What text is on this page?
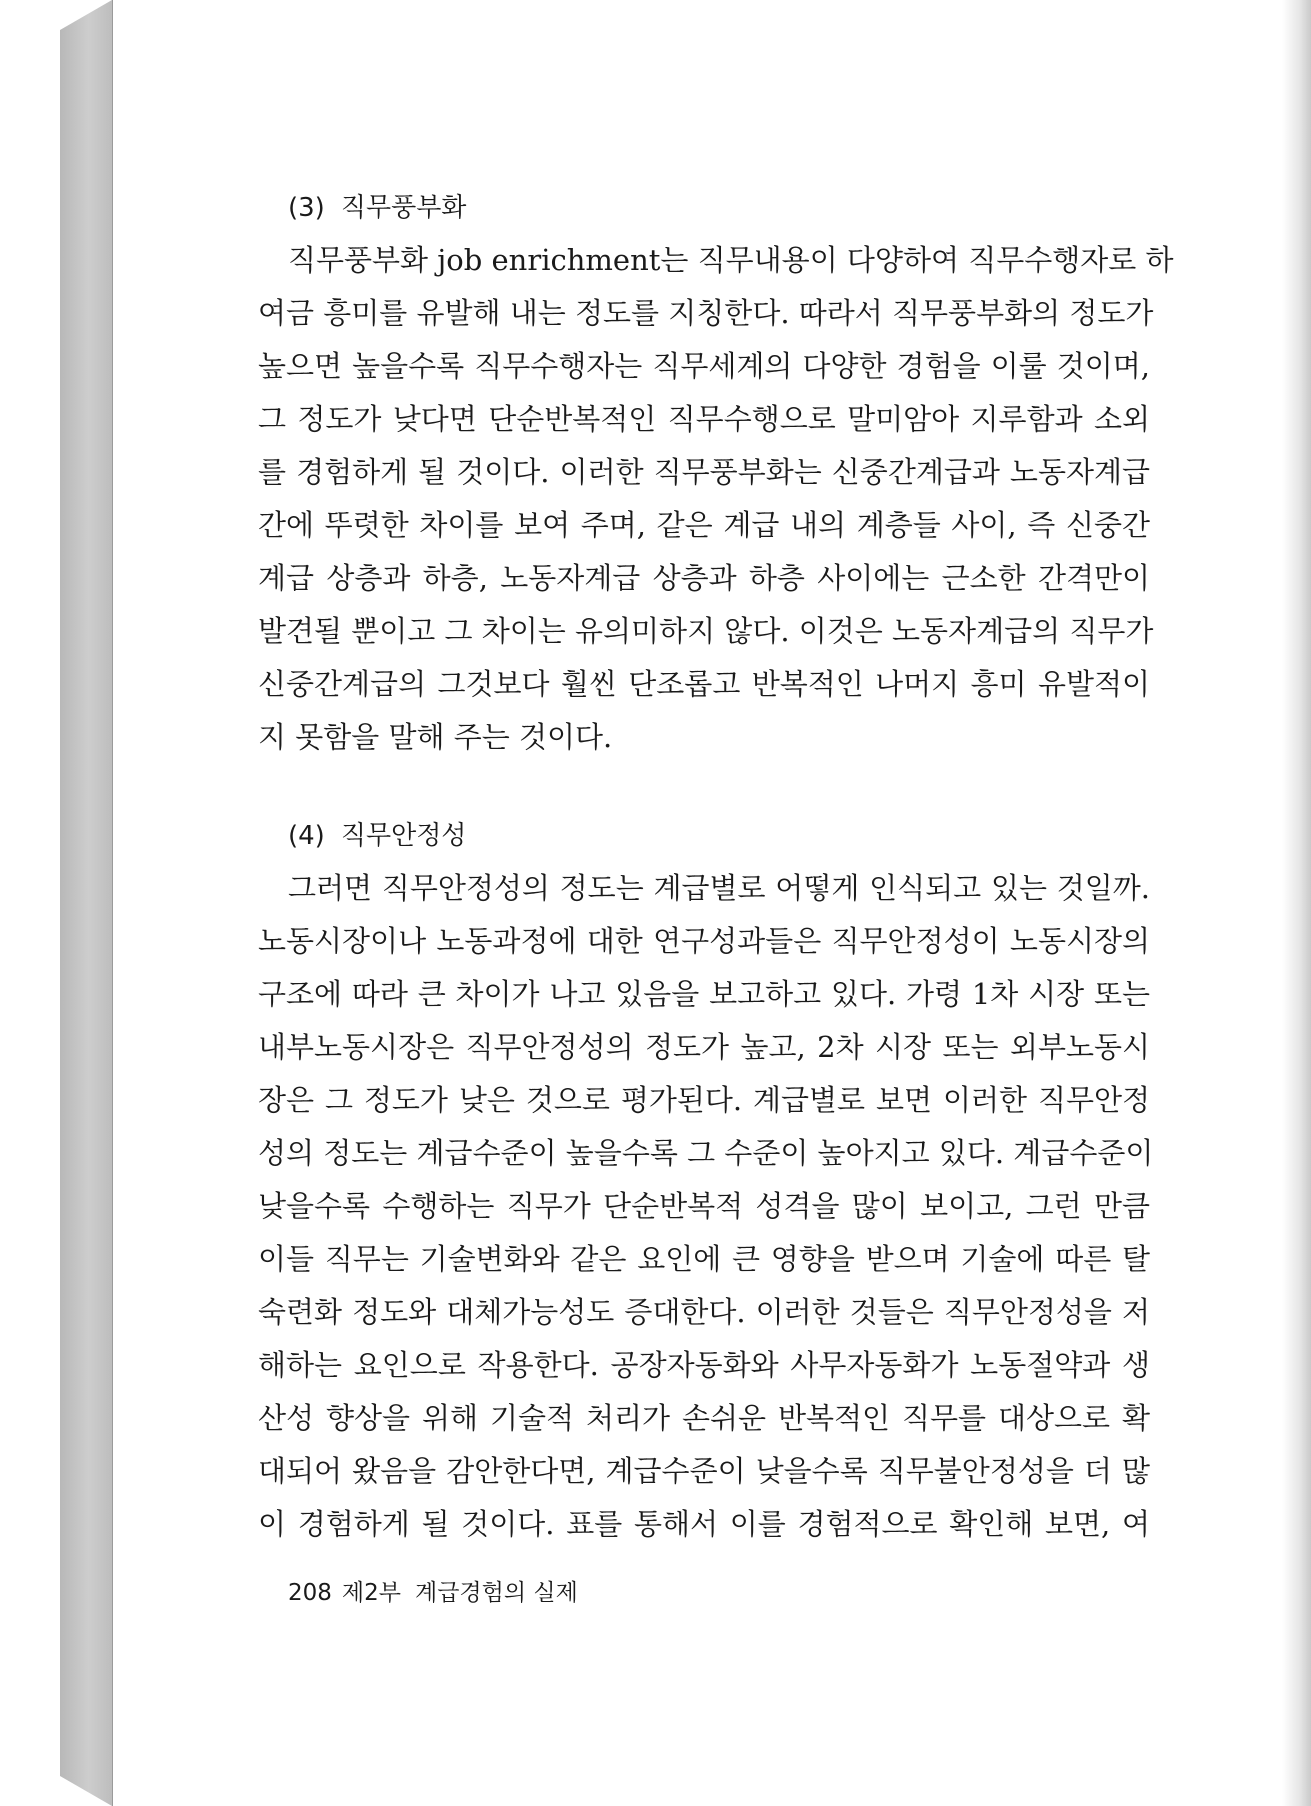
(3) 직무풍부화
직무풍부화 job enrichment는 직무내용이 다양하여 직무수행자로 하
여금 흥미를 유발해 내는 정도를 지칭한다. 따라서 직무풍부화의 정도가
높으면 높을수록 직무수행자는 직무세계의 다양한 경험을 이룰 것이며,
그 정도가 낮다면 단순반복적인 직무수행으로 말미암아 지루함과 소외
를 경험하게 될 것이다. 이러한 직무풍부화는 신중간계급과 노동자계급
간에 뚜렷한 차이를 보여 주며, 같은 계급 내의 계층들 사이, 즉 신중간
계급 상층과 하층, 노동자계급 상층과 하층 사이에는 근소한 간격만이
발견될 뿐이고 그 차이는 유의미하지 않다. 이것은 노동자계급의 직무가
신중간계급의 그것보다 훨씬 단조롭고 반복적인 나머지 흥미 유발적이
지 못함을 말해 주는 것이다.
(4) 직무안정성
그러면 직무안정성의 정도는 계급별로 어떻게 인식되고 있는 것일까.
노동시장이나 노동과정에 대한 연구성과들은 직무안정성이 노동시장의
구조에 따라 큰 차이가 나고 있음을 보고하고 있다. 가령 1차 시장 또는
내부노동시장은 직무안정성의 정도가 높고, 2차 시장 또는 외부노동시
장은 그 정도가 낮은 것으로 평가된다. 계급별로 보면 이러한 직무안정
성의 정도는 계급수준이 높을수록 그 수준이 높아지고 있다. 계급수준이
낮을수록 수행하는 직무가 단순반복적 성격을 많이 보이고, 그런 만큼
이들 직무는 기술변화와 같은 요인에 큰 영향을 받으며 기술에 따른 탈
숙련화 정도와 대체가능성도 증대한다. 이러한 것들은 직무안정성을 저
해하는 요인으로 작용한다. 공장자동화와 사무자동화가 노동절약과 생
산성 향상을 위해 기술적 처리가 손쉬운 반복적인 직무를 대상으로 확
대되어 왔음을 감안한다면, 계급수준이 낮을수록 직무불안정성을 더 많
이 경험하게 될 것이다. 표를 통해서 이를 경험적으로 확인해 보면, 여
208 제2부 계급경험의 실제
